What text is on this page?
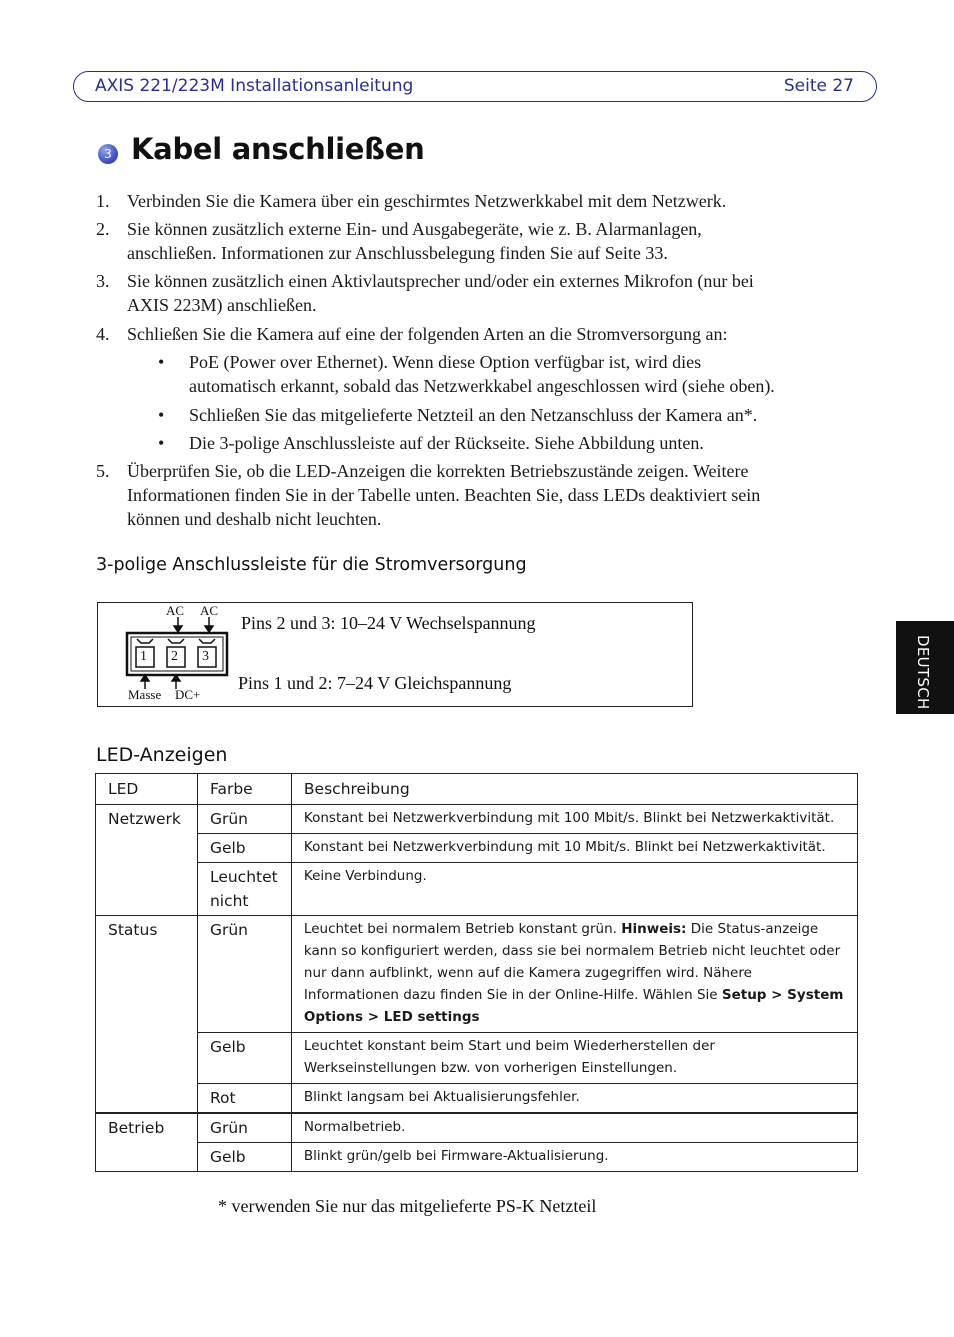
AXIS 221/223M Installationsanleitung	Seite 27
3 Kabel anschließen
1. Verbinden Sie die Kamera über ein geschirmtes Netzwerkkabel mit dem Netzwerk.
2. Sie können zusätzlich externe Ein- und Ausgabegeräte, wie z. B. Alarmanlagen,
anschließen. Informationen zur Anschlussbelegung finden Sie auf Seite 33.
3. Sie können zusätzlich einen Aktivlautsprecher und/oder ein externes Mikrofon (nur bei
AXIS 223M) anschließen.
4. Schließen Sie die Kamera auf eine der folgenden Arten an die Stromversorgung an:
• PoE (Power over Ethernet). Wenn diese Option verfügbar ist, wird dies
automatisch erkannt, sobald das Netzwerkkabel angeschlossen wird (siehe oben).
• Schließen Sie das mitgelieferte Netzteil an den Netzanschluss der Kamera an*.
• Die 3-polige Anschlussleiste auf der Rückseite. Siehe Abbildung unten.
5. Überprüfen Sie, ob die LED-Anzeigen die korrekten Betriebszustände zeigen. Weitere
Informationen finden Sie in der Tabelle unten. Beachten Sie, dass LEDs deaktiviert sein
können und deshalb nicht leuchten.
3-polige Anschlussleiste für die Stromversorgung
AC AC
1 2 3
Masse DC+
Pins 2 und 3: 10–24 V Wechselspannung
Pins 1 und 2: 7–24 V Gleichspannung
LED-Anzeigen
LED	Farbe	Beschreibung
Netzwerk	Grün	Konstant bei Netzwerkverbindung mit 100 Mbit/s. Blinkt bei Netzwerkaktivität.
	Gelb	Konstant bei Netzwerkverbindung mit 10 Mbit/s. Blinkt bei Netzwerkaktivität.

	Leuchtet
nicht	Keine Verbindung.
Status	Grün	Leuchtet bei normalem Betrieb konstant grün. Hinweis: Die Status-anzeige
kann so konfiguriert werden, dass sie bei normalem Betrieb nicht leuchtet oder
nur dann aufblinkt, wenn auf die Kamera zugegriffen wird. Nähere
Informationen dazu finden Sie in der Online-Hilfe. Wählen Sie Setup > System
Options > LED settings

	Gelb	Leuchtet konstant beim Start und beim Wiederherstellen der
Werkseinstellungen bzw. von vorherigen Einstellungen.

	Rot	Blinkt langsam bei Aktualisierungsfehler.
Betrieb	Grün	Normalbetrieb.
	Gelb	Blinkt grün/gelb bei Firmware-Aktualisierung.
DEUTSCH
* verwenden Sie nur das mitgelieferte PS-K Netzteil
